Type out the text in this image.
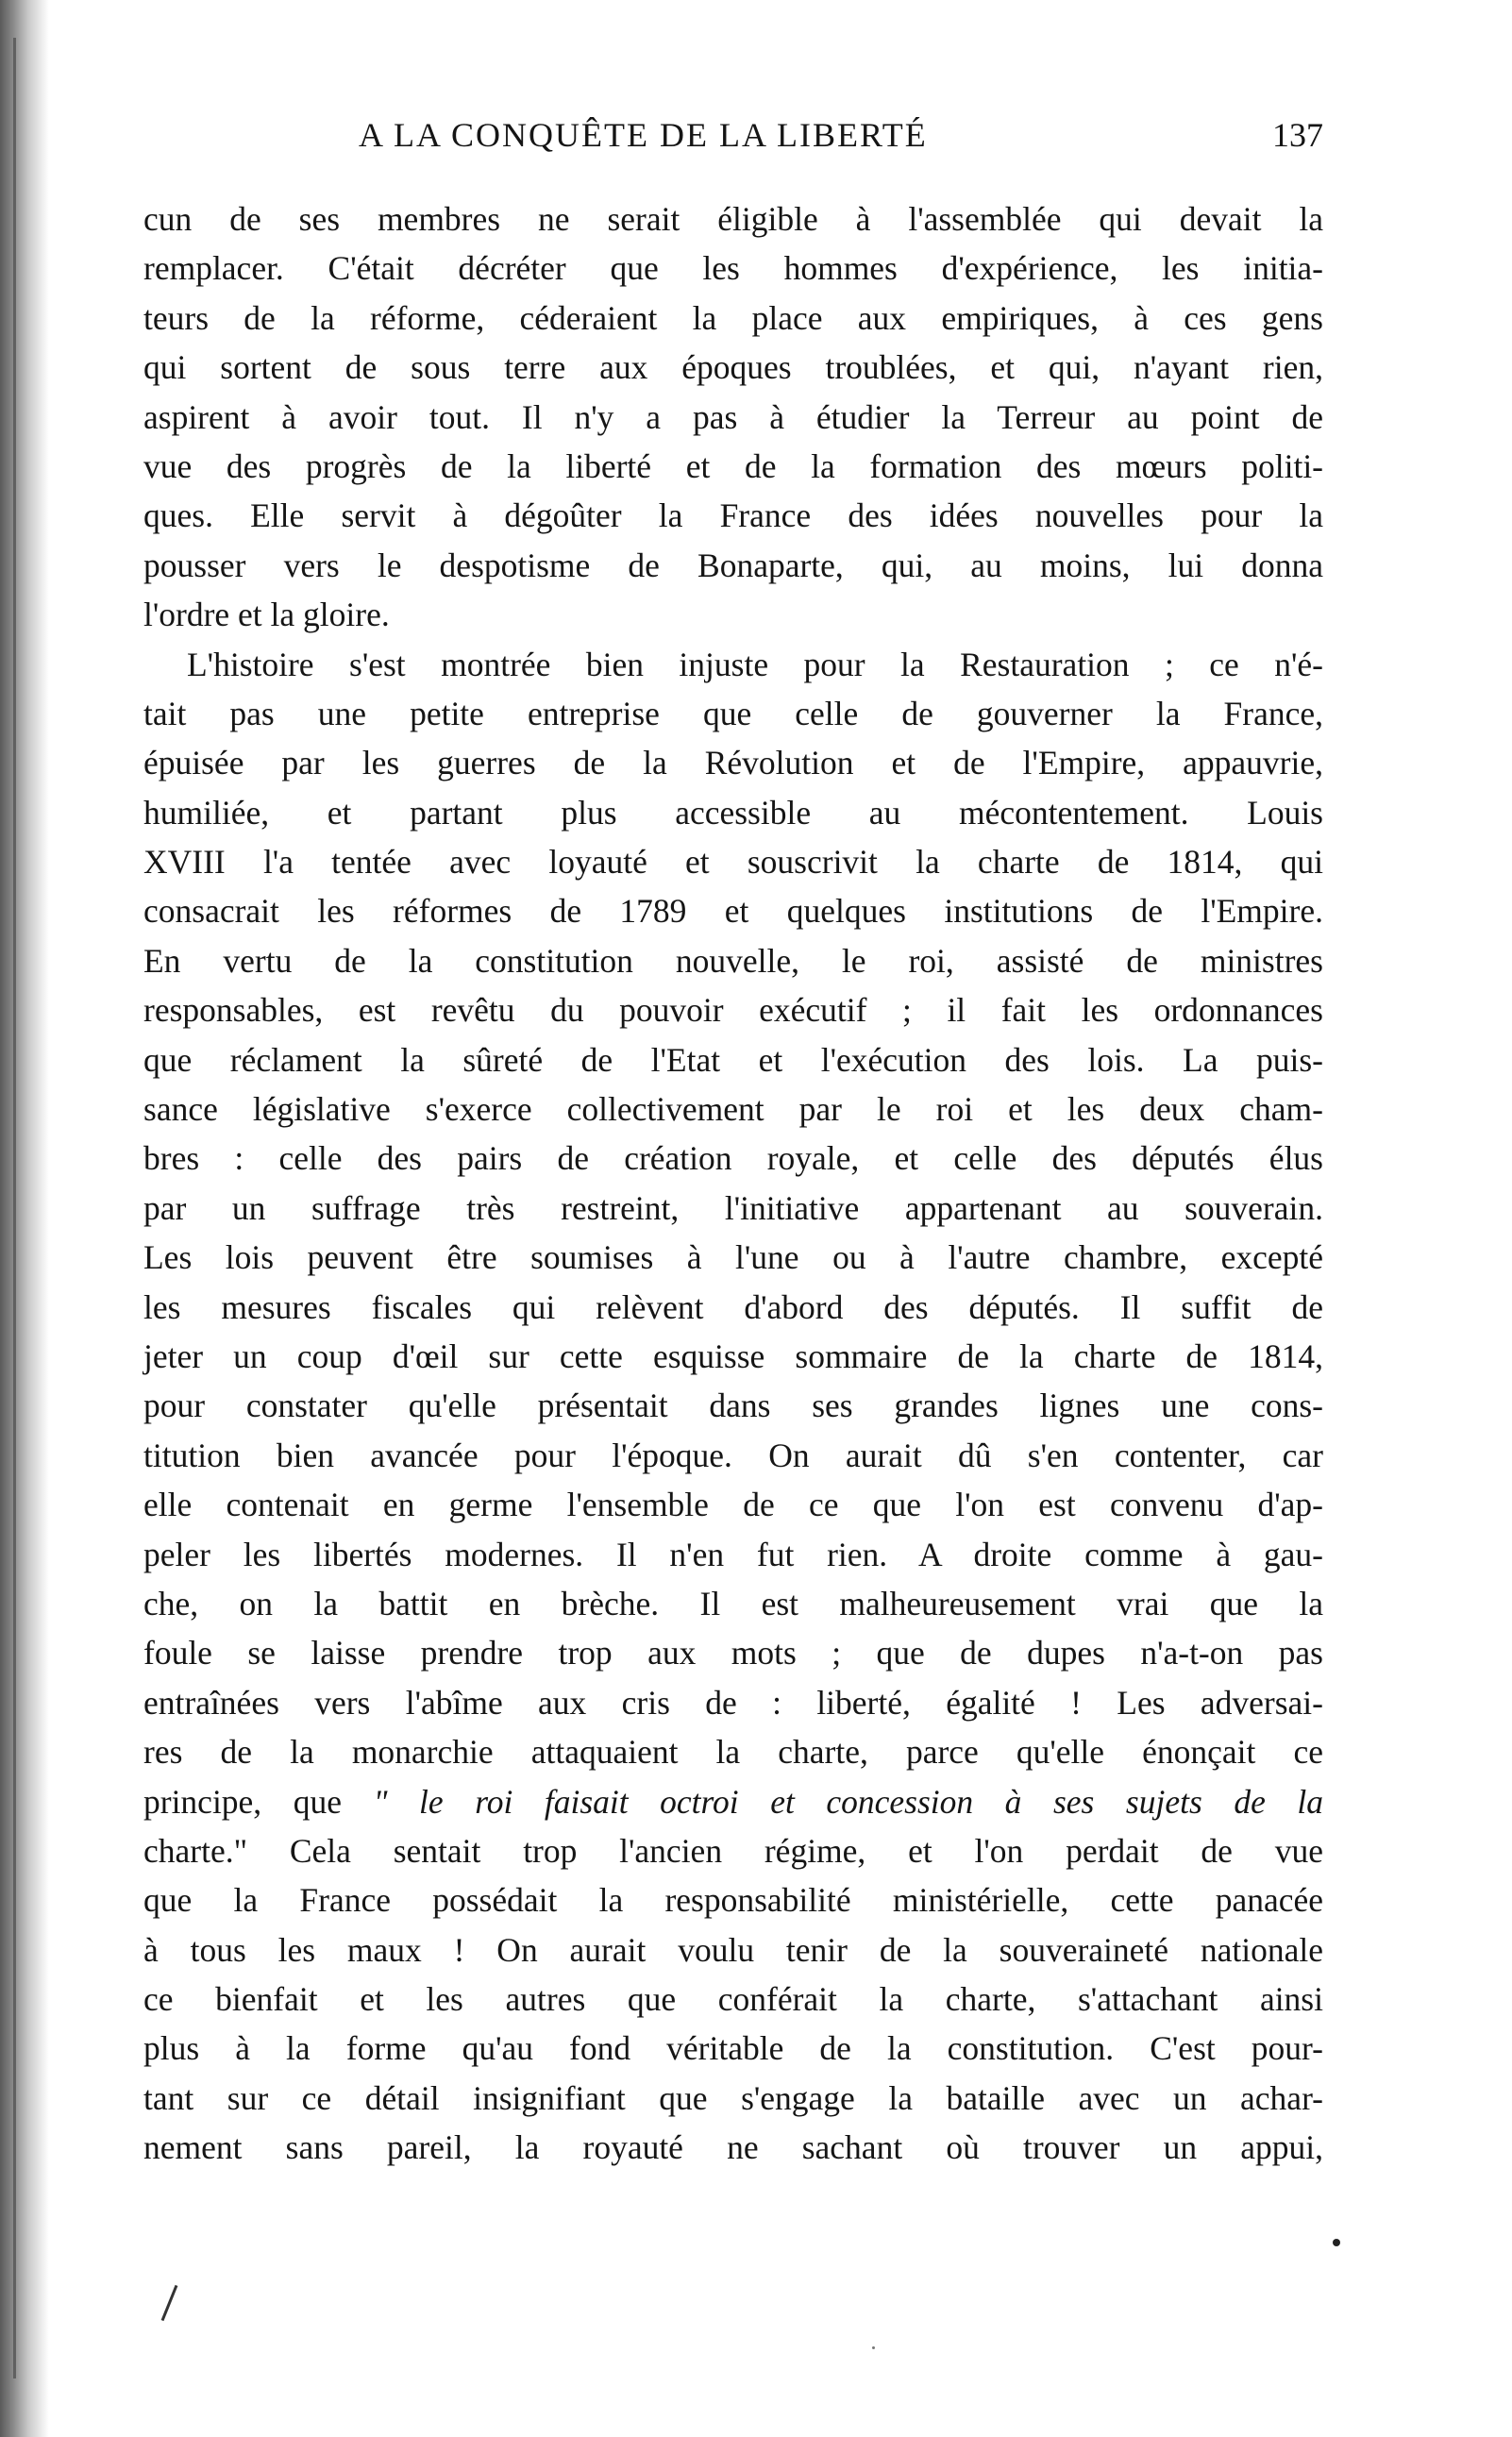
A LA CONQUÊTE DE LA LIBERTÉ	137
cun de ses membres ne serait éligible à l'assemblée qui devait la
remplacer. C'était décréter que les hommes d'expérience, les initia-
teurs de la réforme, céderaient la place aux empiriques, à ces gens
qui sortent de sous terre aux époques troublées, et qui, n'ayant rien,
aspirent à avoir tout. Il n'y a pas à étudier la Terreur au point de
vue des progrès de la liberté et de la formation des mœurs politi-
ques. Elle servit à dégoûter la France des idées nouvelles pour la
pousser vers le despotisme de Bonaparte, qui, au moins, lui donna
l'ordre et la gloire.
L'histoire s'est montrée bien injuste pour la Restauration ; ce n'é-
tait pas une petite entreprise que celle de gouverner la France,
épuisée par les guerres de la Révolution et de l'Empire, appauvrie,
humiliée, et partant plus accessible au mécontentement. Louis
XVIII l'a tentée avec loyauté et souscrivit la charte de 1814, qui
consacrait les réformes de 1789 et quelques institutions de l'Empire.
En vertu de la constitution nouvelle, le roi, assisté de ministres
responsables, est revêtu du pouvoir exécutif ; il fait les ordonnances
que réclament la sûreté de l'Etat et l'exécution des lois. La puis-
sance législative s'exerce collectivement par le roi et les deux cham-
bres : celle des pairs de création royale, et celle des députés élus
par un suffrage très restreint, l'initiative appartenant au souverain.
Les lois peuvent être soumises à l'une ou à l'autre chambre, excepté
les mesures fiscales qui relèvent d'abord des députés. Il suffit de
jeter un coup d'œil sur cette esquisse sommaire de la charte de 1814,
pour constater qu'elle présentait dans ses grandes lignes une cons-
titution bien avancée pour l'époque. On aurait dû s'en contenter, car
elle contenait en germe l'ensemble de ce que l'on est convenu d'ap-
peler les libertés modernes. Il n'en fut rien. A droite comme à gau-
che, on la battit en brèche. Il est malheureusement vrai que la
foule se laisse prendre trop aux mots ; que de dupes n'a-t-on pas
entraînées vers l'abîme aux cris de : liberté, égalité ! Les adversai-
res de la monarchie attaquaient la charte, parce qu'elle énonçait ce
principe, que " le roi faisait octroi et concession à ses sujets de la
charte." Cela sentait trop l'ancien régime, et l'on perdait de vue
que la France possédait la responsabilité ministérielle, cette panacée
à tous les maux ! On aurait voulu tenir de la souveraineté nationale
ce bienfait et les autres que conférait la charte, s'attachant ainsi
plus à la forme qu'au fond véritable de la constitution. C'est pour-
tant sur ce détail insignifiant que s'engage la bataille avec un achar-
nement sans pareil, la royauté ne sachant où trouver un appui,
